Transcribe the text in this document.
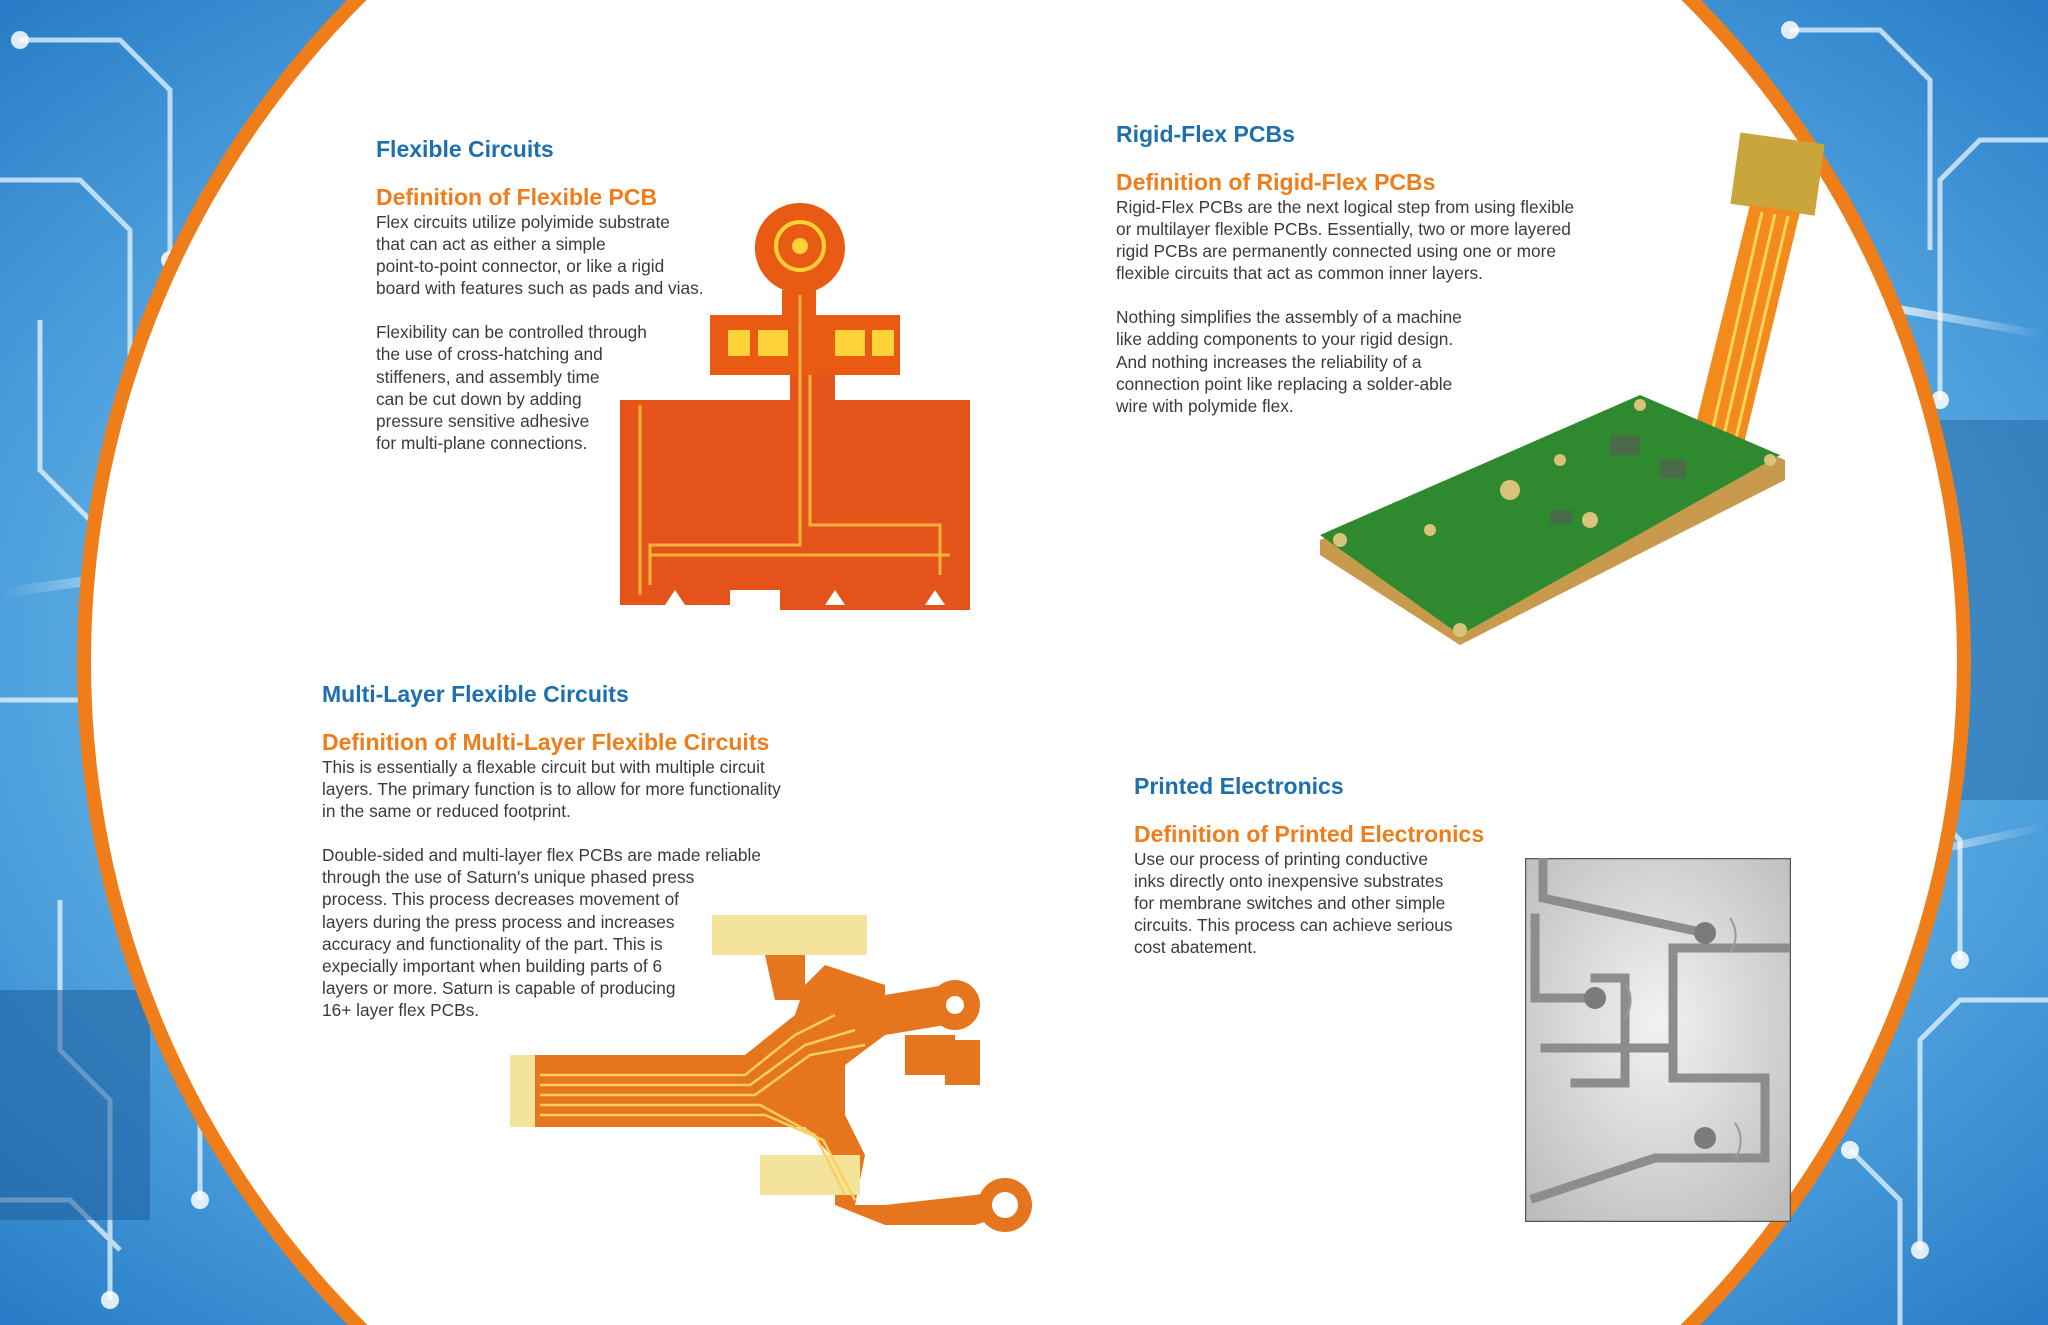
Flexible Circuits
Definition of Flexible PCB

Flex circuits utilize polyimide substrate
that can act as either a simple
point-to-point connector, or like a rigid
board with features such as pads and vias.

Flexibility can be controlled through
the use of cross-hatching and
stiffeners, and assembly time
can be cut down by adding
pressure sensitive adhesive
for multi-plane connections.

Rigid-Flex PCBs
Definition of Rigid-Flex PCBs

Rigid-Flex PCBs are the next logical step from using flexible
or multilayer flexible PCBs. Essentially, two or more layered
rigid PCBs are permanently connected using one or more
flexible circuits that act as common inner layers.

Nothing simplifies the assembly of a machine
like adding components to your rigid design.
And nothing increases the reliability of a
connection point like replacing a solder-able
wire with polymide flex.

Multi-Layer Flexible Circuits
Definition of Multi-Layer Flexible Circuits

This is essentially a flexable circuit but with multiple circuit
layers. The primary function is to allow for more functionality
in the same or reduced footprint.

Double-sided and multi-layer flex PCBs are made reliable
through the use of Saturn's unique phased press
process. This process decreases movement of
layers during the press process and increases
accuracy and functionality of the part. This is
expecially important when building parts of 6
layers or more. Saturn is capable of producing
16+ layer flex PCBs.

Printed Electronics
Definition of Printed Electronics

Use our process of printing conductive
inks directly onto inexpensive substrates
for membrane switches and other simple
circuits. This process can achieve serious
cost abatement.
